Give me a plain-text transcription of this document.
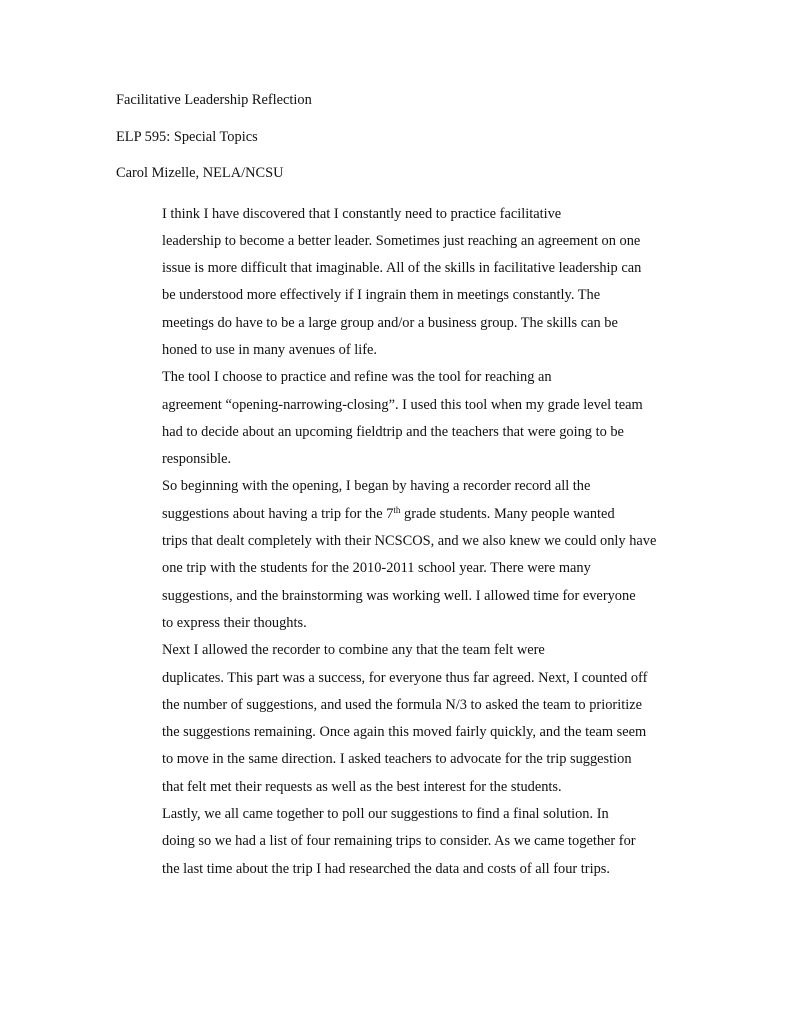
Facilitative Leadership Reflection
ELP 595: Special Topics
Carol Mizelle, NELA/NCSU

I think I have discovered that I constantly need to practice facilitative
leadership to become a better leader. Sometimes just reaching an agreement on one
issue is more difficult that imaginable. All of the skills in facilitative leadership can
be understood more effectively if I ingrain them in meetings constantly. The
meetings do have to be a large group and/or a business group. The skills can be
honed to use in many avenues of life.

The tool I choose to practice and refine was the tool for reaching an
agreement “opening-narrowing-closing”. I used this tool when my grade level team
had to decide about an upcoming fieldtrip and the teachers that were going to be
responsible.

So beginning with the opening, I began by having a recorder record all the
suggestions about having a trip for the 7th grade students. Many people wanted
trips that dealt completely with their NCSCOS, and we also knew we could only have
one trip with the students for the 2010-2011 school year. There were many
suggestions, and the brainstorming was working well. I allowed time for everyone
to express their thoughts.

Next I allowed the recorder to combine any that the team felt were
duplicates. This part was a success, for everyone thus far agreed. Next, I counted off
the number of suggestions, and used the formula N/3 to asked the team to prioritize
the suggestions remaining. Once again this moved fairly quickly, and the team seem
to move in the same direction. I asked teachers to advocate for the trip suggestion
that felt met their requests as well as the best interest for the students.

Lastly, we all came together to poll our suggestions to find a final solution. In
doing so we had a list of four remaining trips to consider. As we came together for
the last time about the trip I had researched the data and costs of all four trips.
